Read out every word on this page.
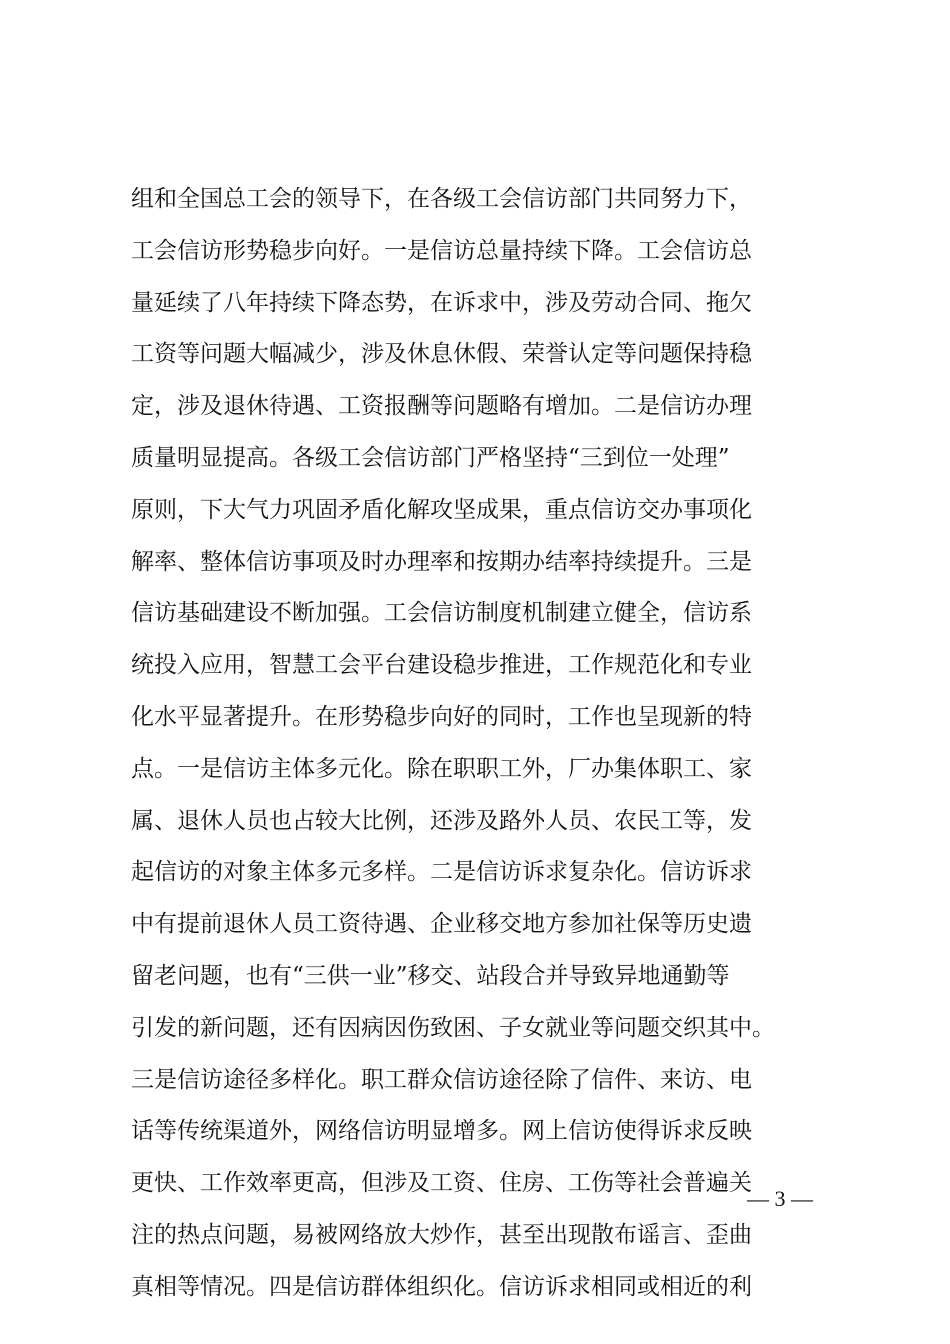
组和全国总工会的领导下，在各级工会信访部门共同努力下，
工会信访形势稳步向好。一是信访总量持续下降。工会信访总
量延续了八年持续下降态势，在诉求中，涉及劳动合同、拖欠
工资等问题大幅减少，涉及休息休假、荣誉认定等问题保持稳
定，涉及退休待遇、工资报酬等问题略有增加。二是信访办理
质量明显提高。各级工会信访部门严格坚持“三到位一处理”
原则，下大气力巩固矛盾化解攻坚成果，重点信访交办事项化
解率、整体信访事项及时办理率和按期办结率持续提升。三是
信访基础建设不断加强。工会信访制度机制建立健全，信访系
统投入应用，智慧工会平台建设稳步推进，工作规范化和专业
化水平显著提升。在形势稳步向好的同时，工作也呈现新的特
点。一是信访主体多元化。除在职职工外，厂办集体职工、家
属、退休人员也占较大比例，还涉及路外人员、农民工等，发
起信访的对象主体多元多样。二是信访诉求复杂化。信访诉求
中有提前退休人员工资待遇、企业移交地方参加社保等历史遗
留老问题，也有“三供一业”移交、站段合并导致异地通勤等
引发的新问题，还有因病因伤致困、子女就业等问题交织其中。
三是信访途径多样化。职工群众信访途径除了信件、来访、电
话等传统渠道外，网络信访明显增多。网上信访使得诉求反映
更快、工作效率更高，但涉及工资、住房、工伤等社会普遍关
注的热点问题，易被网络放大炒作，甚至出现散布谣言、歪曲
真相等情况。四是信访群体组织化。信访诉求相同或相近的利
— 3 —
